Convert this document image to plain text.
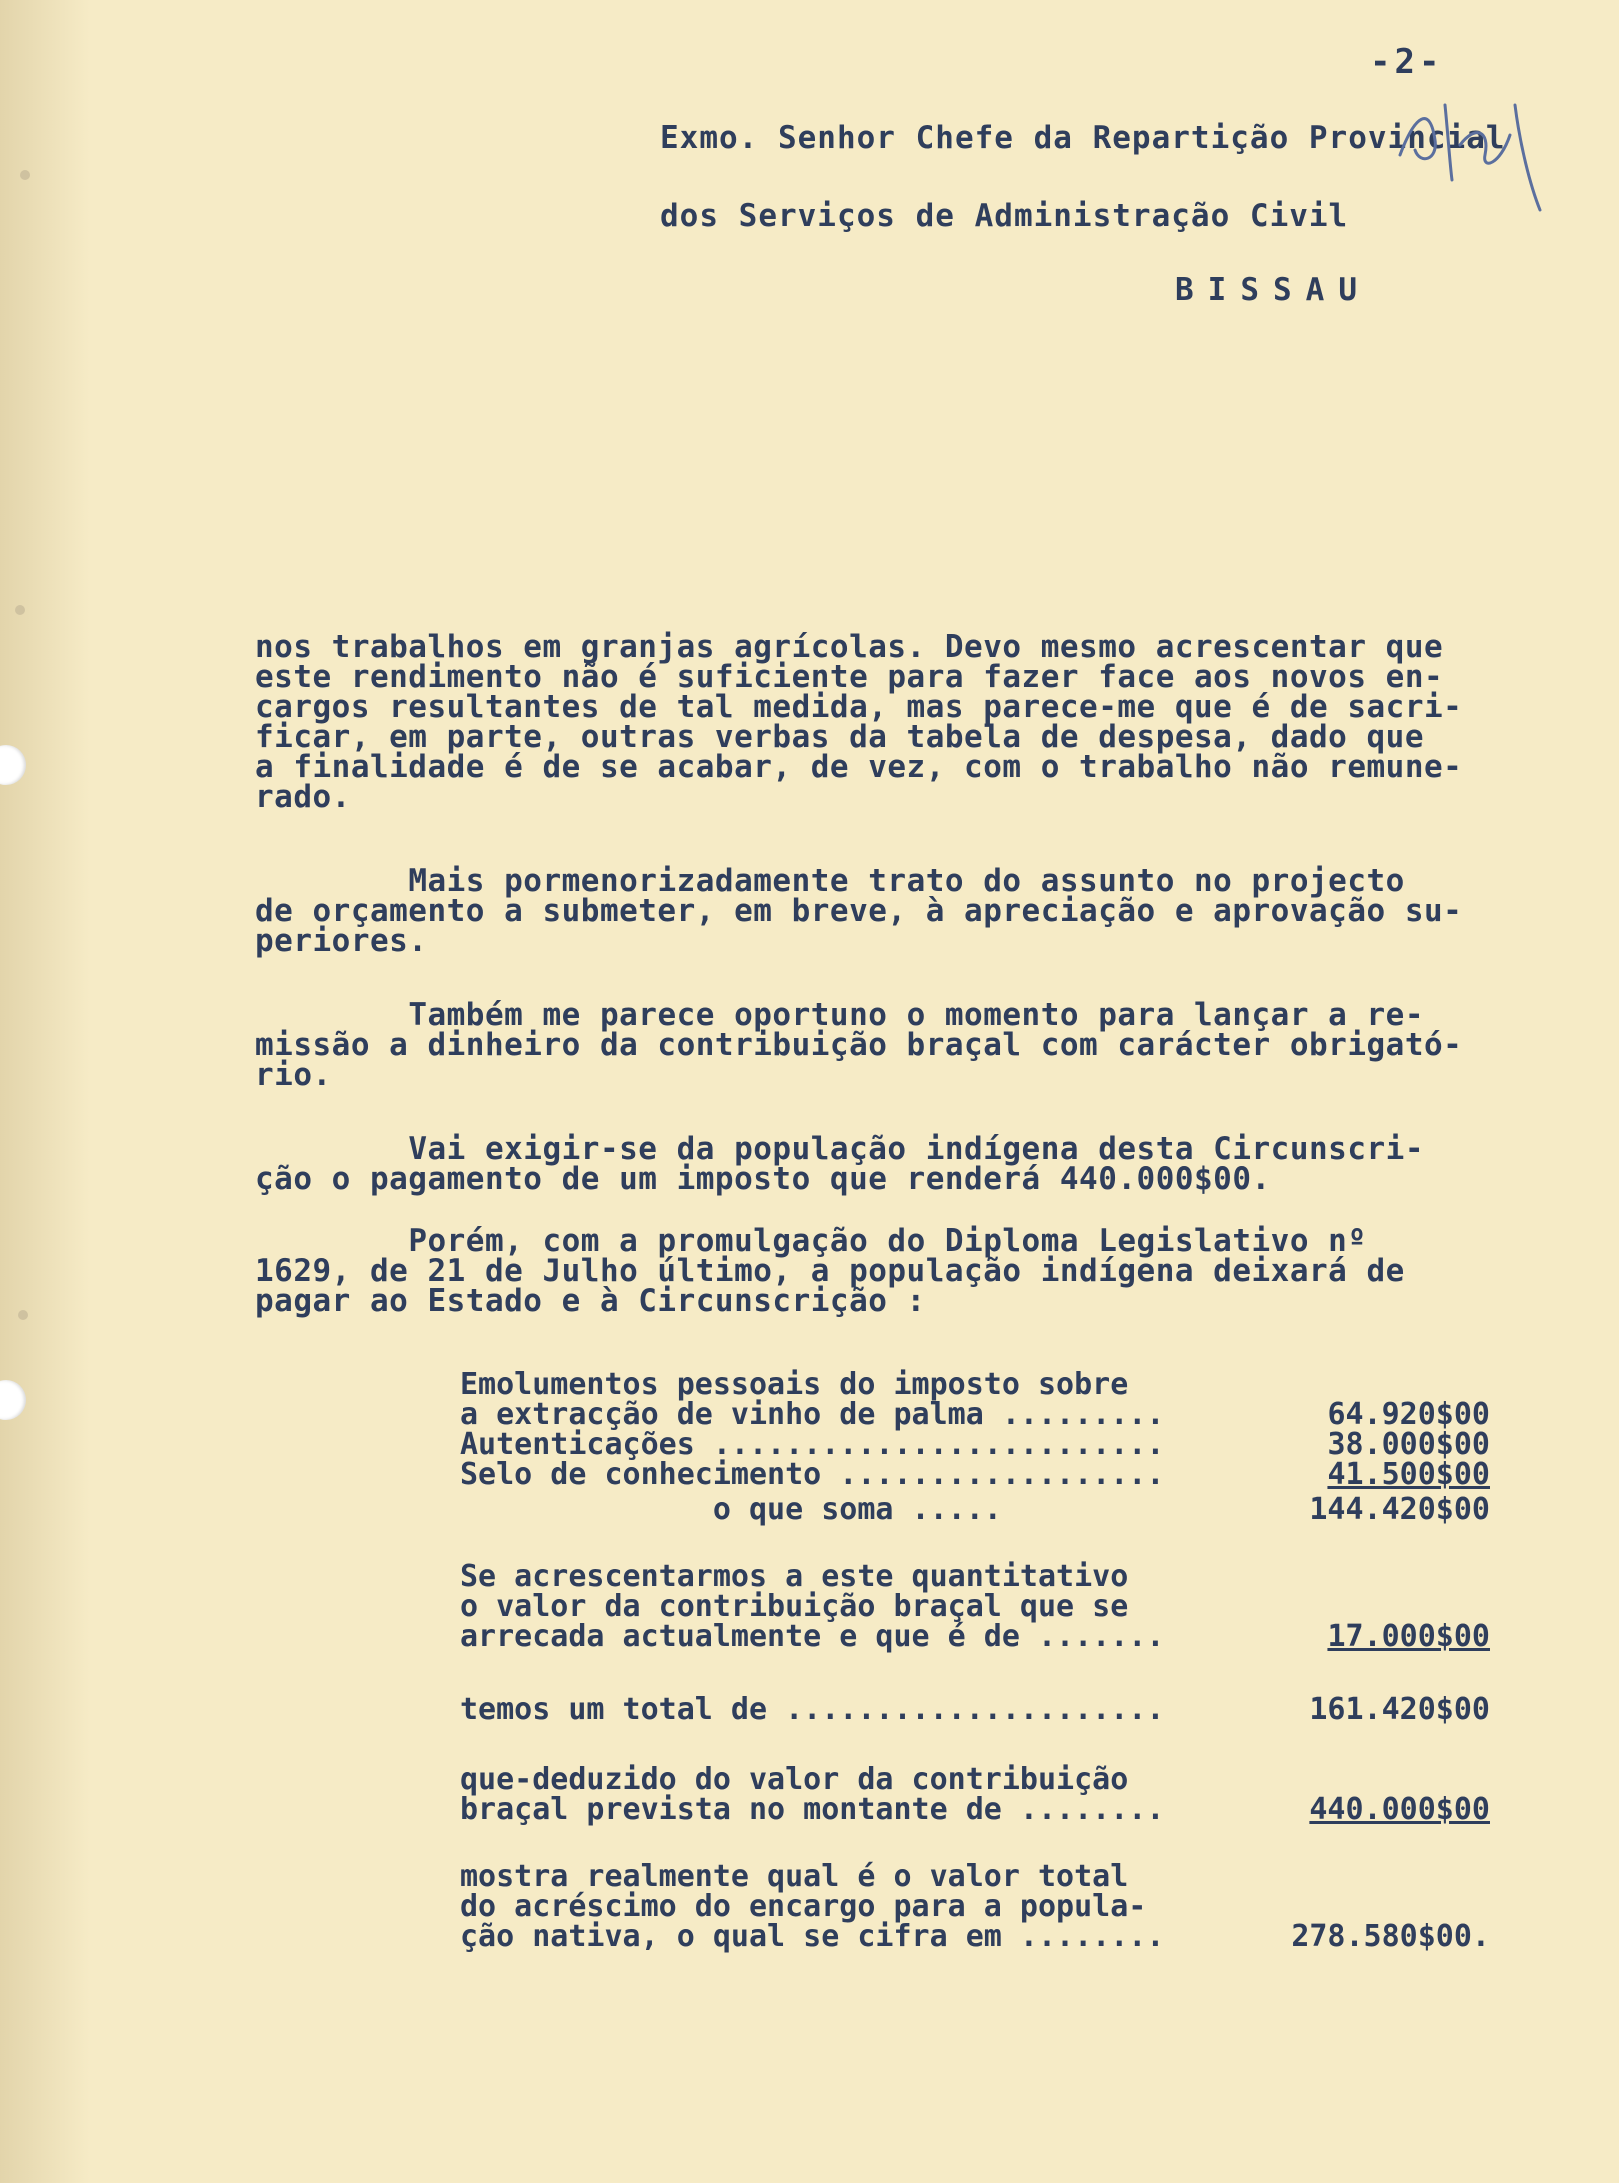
-2-
Exmo. Senhor Chefe da Repartição Provincial
dos Serviços de Administração Civil
BISSAU
nos trabalhos em granjas agrícolas. Devo mesmo acrescentar que
este rendimento não é suficiente para fazer face aos novos en-
cargos resultantes de tal medida, mas parece-me que é de sacri-
ficar, em parte, outras verbas da tabela de despesa, dado que
a finalidade é de se acabar, de vez, com o trabalho não remune-
rado.
Mais pormenorizadamente trato do assunto no projecto
de orçamento a submeter, em breve, à apreciação e aprovação su-
periores.
Também me parece oportuno o momento para lançar a re-
missão a dinheiro da contribuição braçal com carácter obrigató-
rio.
Vai exigir-se da população indígena desta Circunscri-
ção o pagamento de um imposto que renderá 440.000$00.
Porém, com a promulgação do Diploma Legislativo nº
1629, de 21 de Julho último, a população indígena deixará de
pagar ao Estado e à Circunscrição :
Emolumentos pessoais do imposto sobre
a extracção de vinho de palma .........	64.920$00
Autenticações .........................	38.000$00
Selo de conhecimento ..................	41.500$00
o que soma .....	144.420$00
Se acrescentarmos a este quantitativo
o valor da contribuição braçal que se
arrecada actualmente e que é de .......	17.000$00
temos um total de .....................	161.420$00
que-deduzido do valor da contribuição
braçal prevista no montante de ........	440.000$00
mostra realmente qual é o valor total
do acréscimo do encargo para a popula-
ção nativa, o qual se cifra em ........	278.580$00.
